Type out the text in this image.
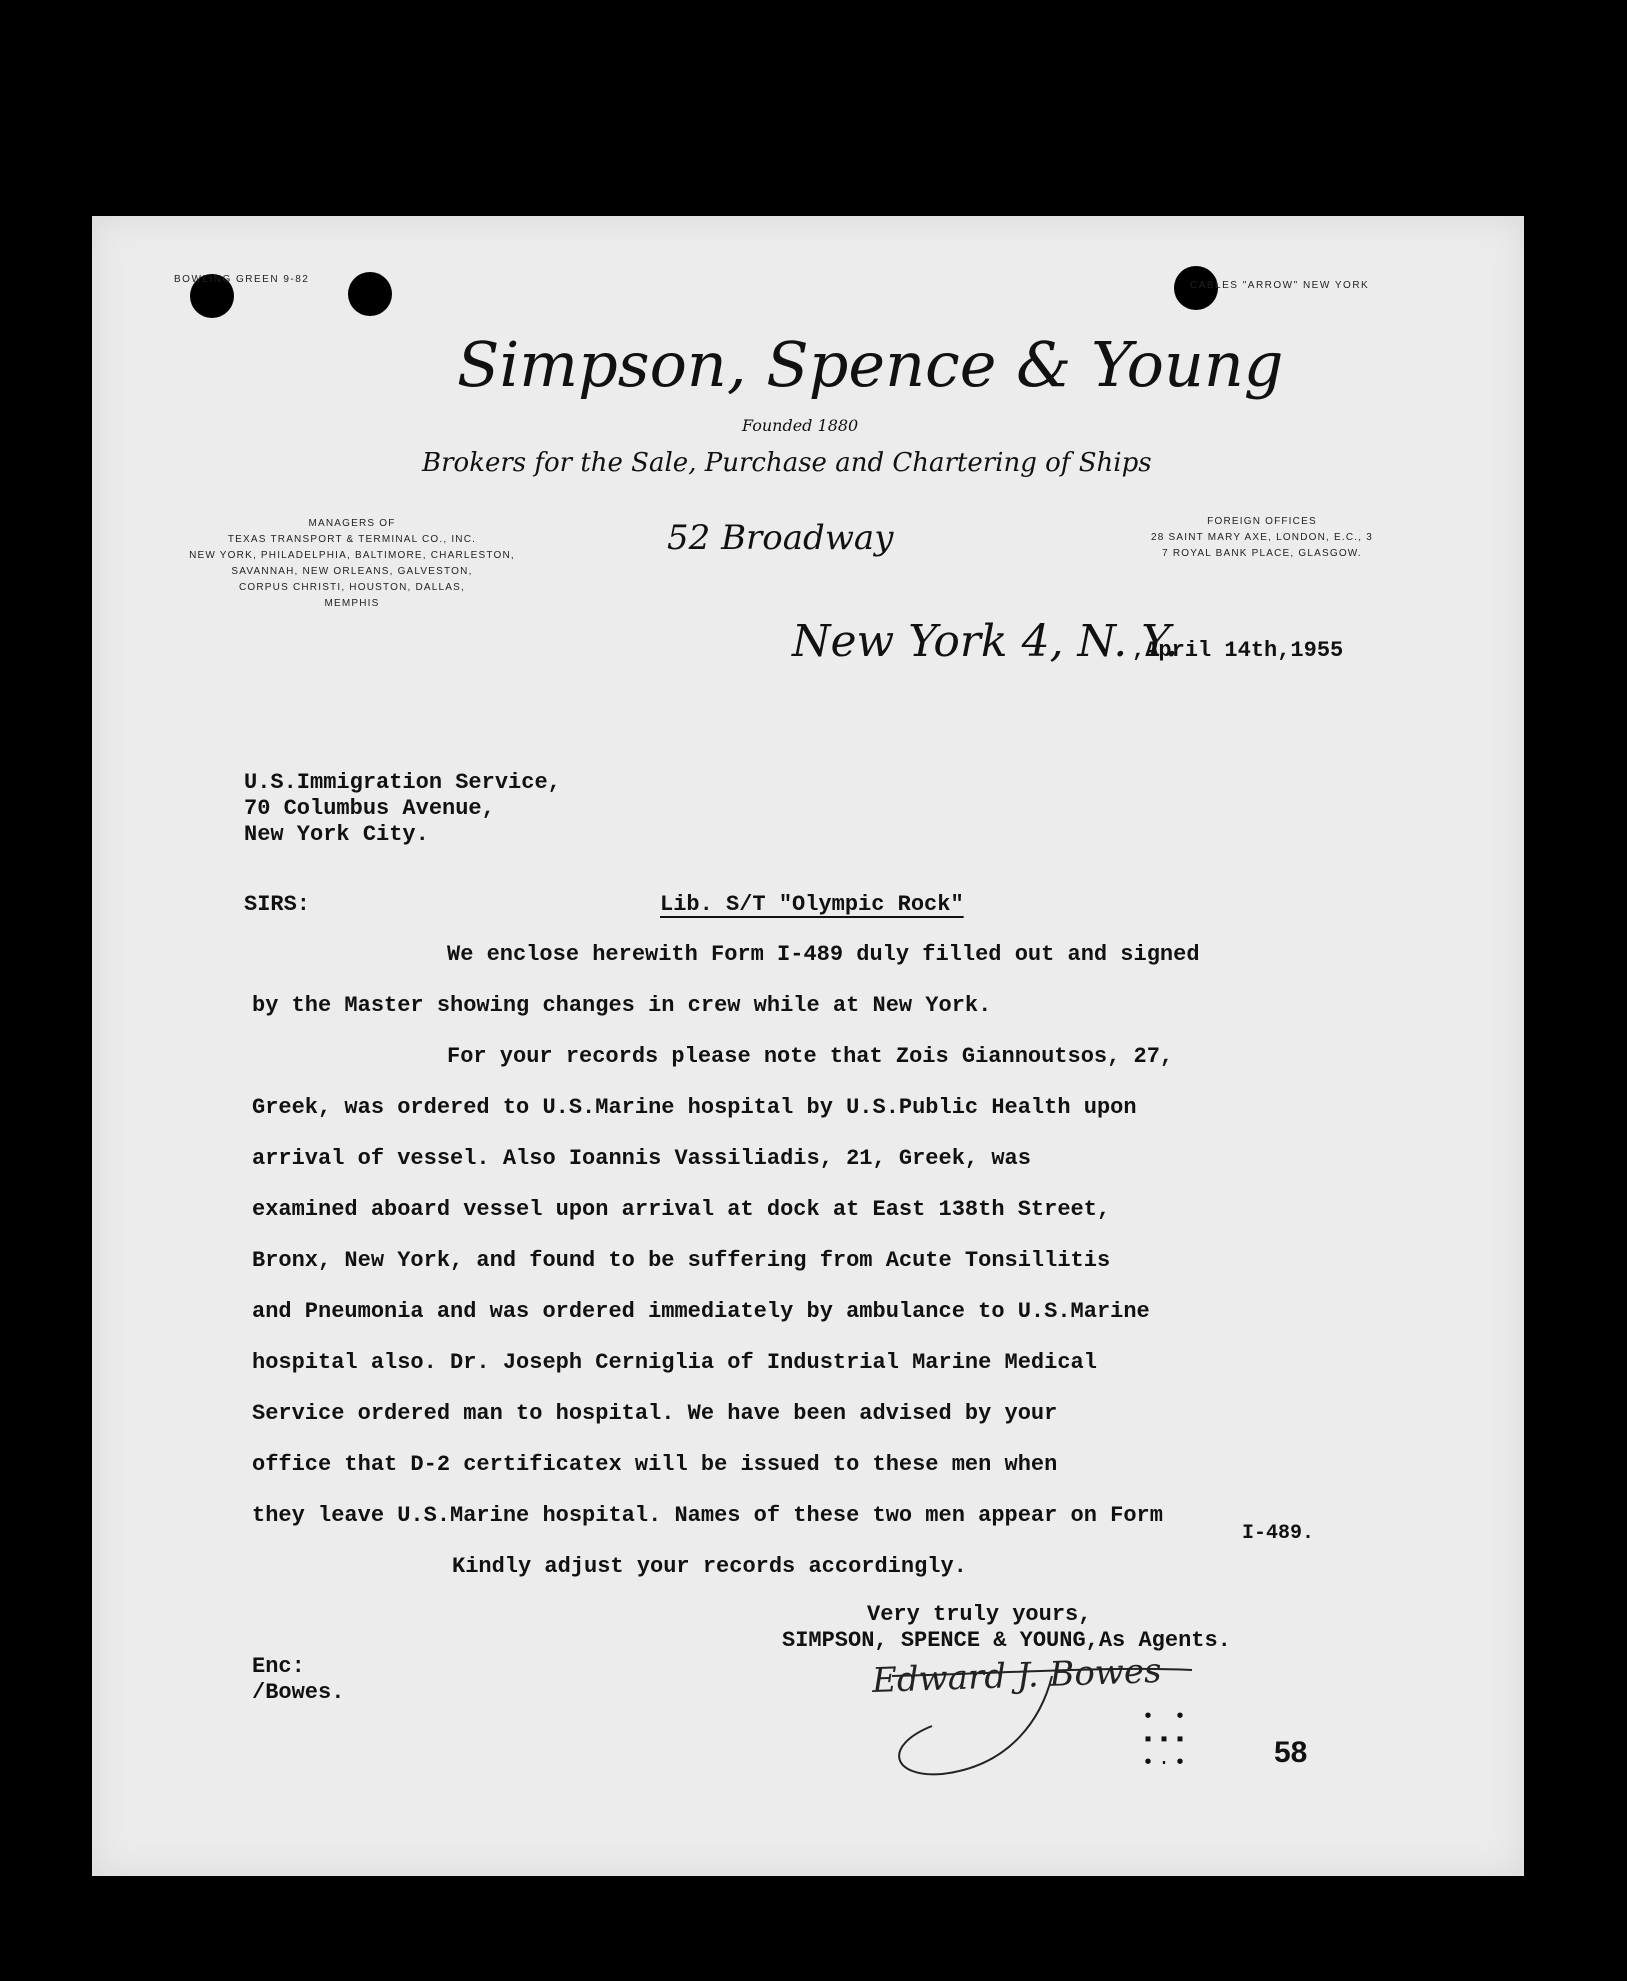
BOWLING GREEN 9-82
CABLES "ARROW" NEW YORK
Simpson, Spence & Young
Founded 1880
Brokers for the Sale, Purchase and Chartering of Ships
MANAGERS OF
TEXAS TRANSPORT & TERMINAL CO., INC.
NEW YORK, PHILADELPHIA, BALTIMORE, CHARLESTON,
SAVANNAH, NEW ORLEANS, GALVESTON,
CORPUS CHRISTI, HOUSTON, DALLAS,
MEMPHIS
52 Broadway	FOREIGN OFFICES
28 SAINT MARY AXE, LONDON, E.C., 3
7 ROYAL BANK PLACE, GLASGOW.
New York 4, N. Y.
,April 14th,1955
U.S.Immigration Service,
70 Columbus Avenue,
New York City.
SIRS:	Lib. S/T "Olympic Rock"
We enclose herewith Form I-489 duly filled out and signed
by the Master showing changes in crew while at New York.
For your records please note that Zois Giannoutsos, 27,
Greek, was ordered to U.S.Marine hospital by U.S.Public Health upon
arrival of vessel. Also Ioannis Vassiliadis, 21, Greek, was
examined aboard vessel upon arrival at dock at East 138th Street,
Bronx, New York, and found to be suffering from Acute Tonsillitis
and Pneumonia and was ordered immediately by ambulance to U.S.Marine
hospital also. Dr. Joseph Cerniglia of Industrial Marine Medical
Service ordered man to hospital. We have been advised by your
office that D-2 certificatex will be issued to these men when
they leave U.S.Marine hospital. Names of these two men appear on Form
I-489.
Kindly adjust your records accordingly.
Very truly yours,
SIMPSON, SPENCE & YOUNG,As Agents.
Edward J. Bowes
Enc:
/Bowes.
• •
▪▪▪
•·•	58
